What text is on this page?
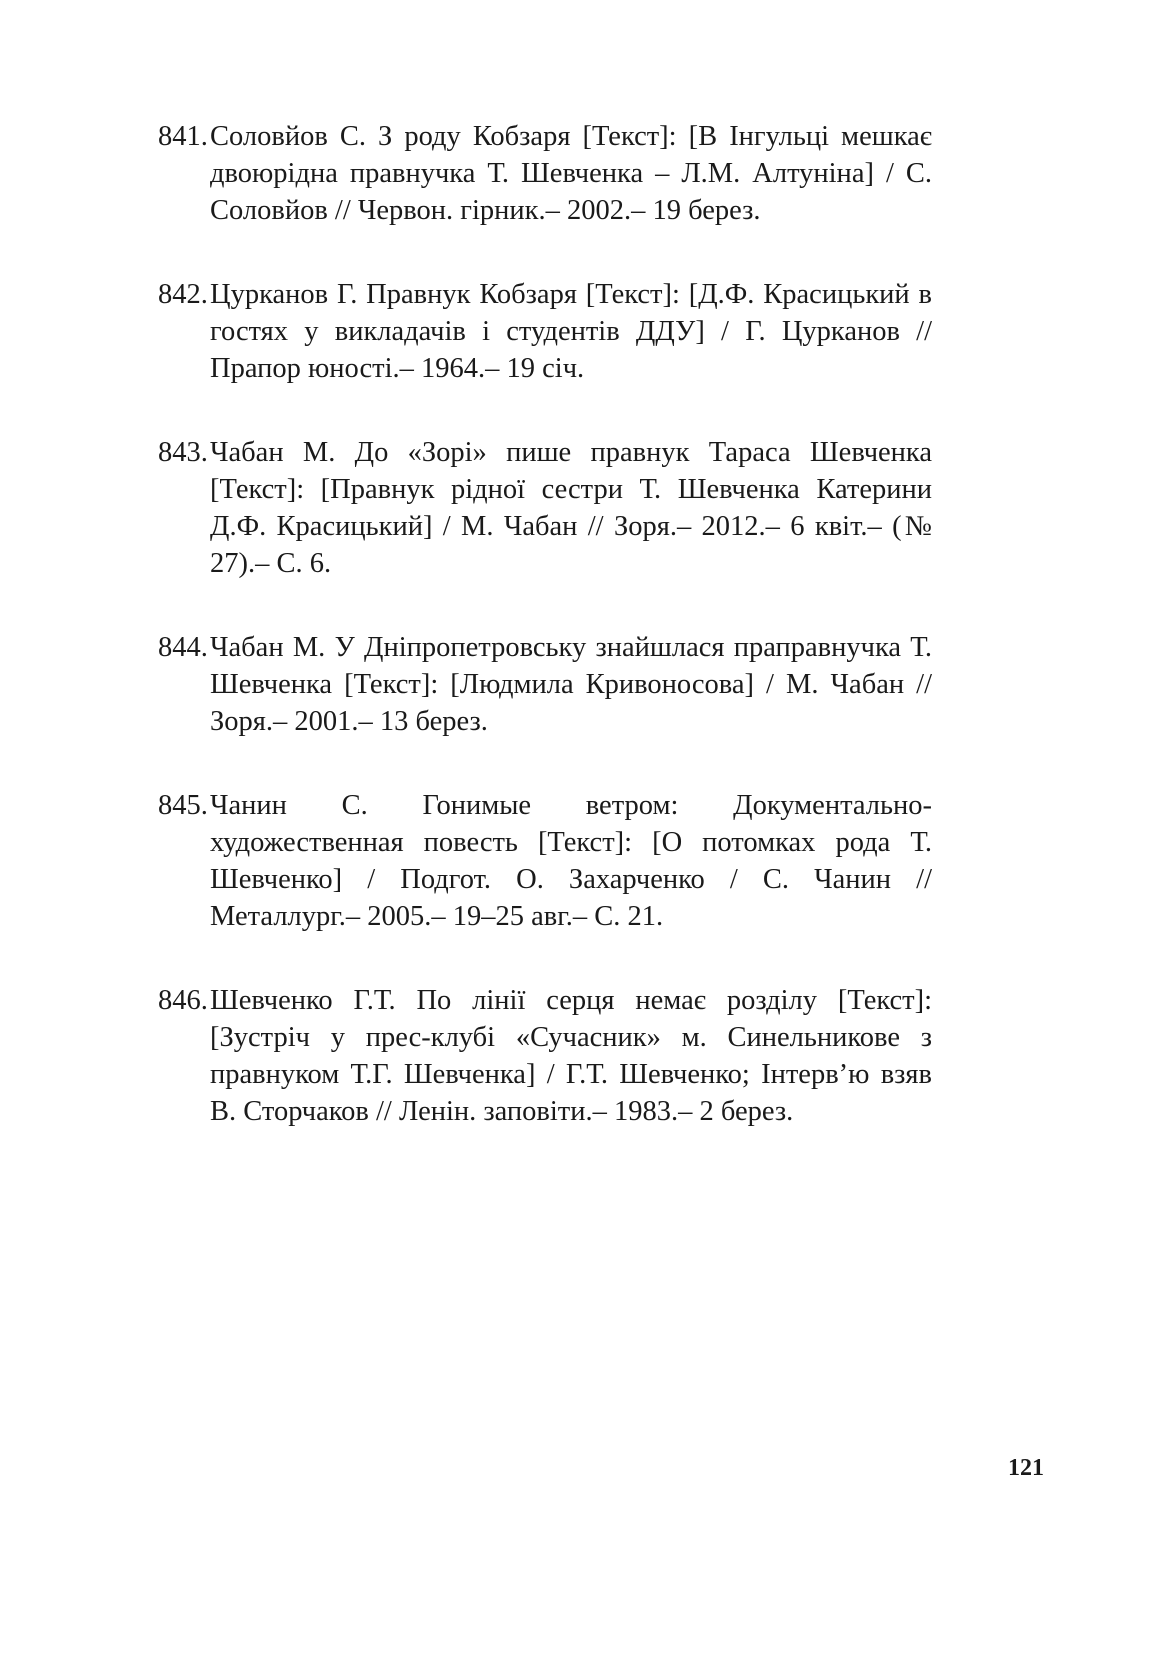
841. Соловйов С. З роду Кобзаря [Текст]: [В Інгульці мешкає двоюрідна правнучка Т. Шевченка – Л.М. Алтуніна] / С. Соловйов // Червон. гірник.– 2002.– 19 берез.
842. Цурканов Г. Правнук Кобзаря [Текст]: [Д.Ф. Красицький в гостях у викладачів і студентів ДДУ] / Г. Цурканов // Прапор юності.– 1964.– 19 січ.
843. Чабан М. До «Зорі» пише правнук Тараса Шевченка [Текст]: [Правнук рідної сестри Т. Шевченка Катерини Д.Ф. Красицький] / М. Чабан // Зоря.– 2012.– 6 квіт.– (№ 27).– С. 6.
844. Чабан М. У Дніпропетровську знайшлася праправнучка Т. Шевченка [Текст]: [Людмила Кривоносова] / М. Чабан // Зоря.– 2001.– 13 берез.
845. Чанин С. Гонимые ветром: Документально-художественная повесть [Текст]: [О потомках рода Т. Шевченко] / Подгот. О. Захарченко / С. Чанин // Металлург.– 2005.– 19–25 авг.– С. 21.
846. Шевченко Г.Т. По лінії серця немає розділу [Текст]: [Зустріч у прес-клубі «Сучасник» м. Синельникове з правнуком Т.Г. Шевченка] / Г.Т. Шевченко; Інтерв’ю взяв В. Сторчаков // Ленін. заповіти.– 1983.– 2 берез.
121
